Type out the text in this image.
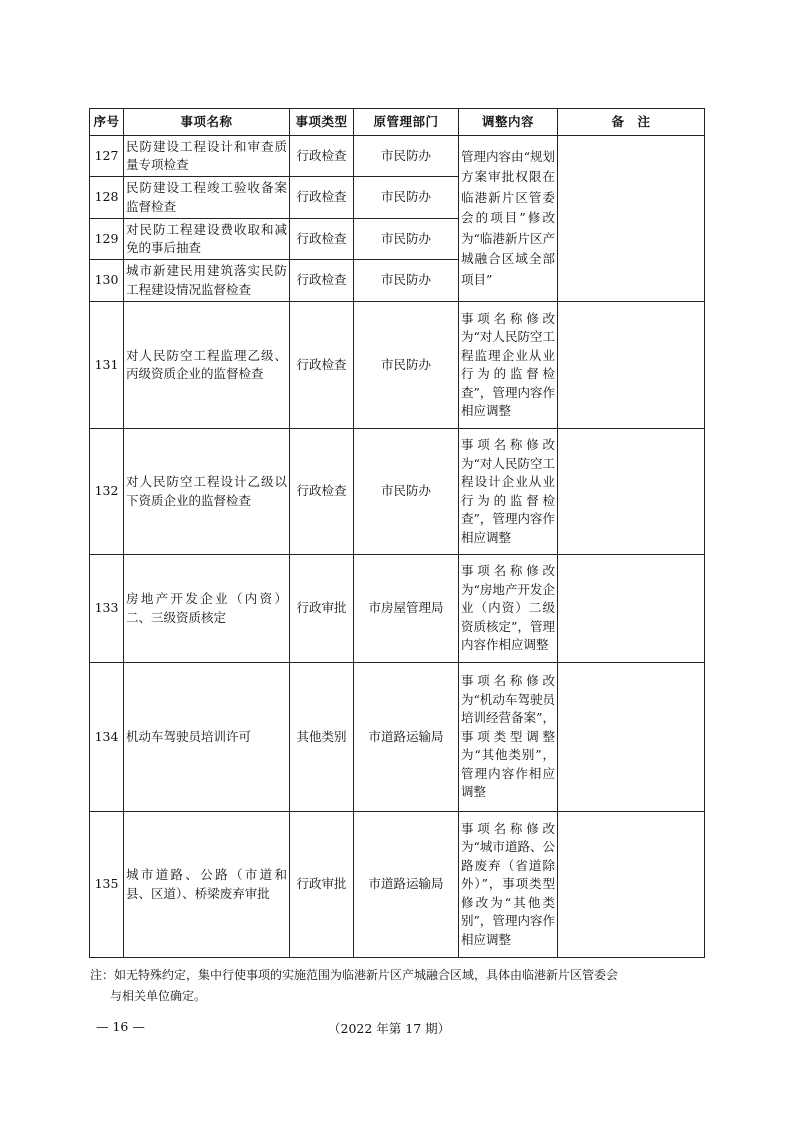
序号	事项名称	事项类型	原管理部门	调整内容	备　注
127	民防建设工程设计和审查质量专项检查	行政检查	市民防办	管理内容由“规划方案审批权限在临港新片区管委会的项目”修改为“临港新片区产城融合区域全部项目”	
128	民防建设工程竣工验收备案监督检查	行政检查	市民防办		
129	对民防工程建设费收取和减免的事后抽查	行政检查	市民防办		
130	城市新建民用建筑落实民防工程建设情况监督检查	行政检查	市民防办		
131	对人民防空工程监理乙级、丙级资质企业的监督检查	行政检查	市民防办	事项名称修改为“对人民防空工程监理企业从业行为的监督检查”，管理内容作相应调整	
132	对人民防空工程设计乙级以下资质企业的监督检查	行政检查	市民防办	事项名称修改为“对人民防空工程设计企业从业行为的监督检查”，管理内容作相应调整	
133	房地产开发企业（内资）二、三级资质核定	行政审批	市房屋管理局	事项名称修改为“房地产开发企业（内资）二级资质核定”，管理内容作相应调整	
134	机动车驾驶员培训许可	其他类别	市道路运输局	事项名称修改为“机动车驾驶员培训经营备案”，事项类型调整为“其他类别”，管理内容作相应调整	
135	城市道路、公路（市道和县、区道）、桥梁废弃审批	行政审批	市道路运输局	事项名称修改为“城市道路、公路废弃（省道除外）”，事项类型修改为“其他类别”，管理内容作相应调整	
注：如无特殊约定，集中行使事项的实施范围为临港新片区产城融合区域，具体由临港新片区管委会
与相关单位确定。
— 16 —	（2022 年第 17 期）
